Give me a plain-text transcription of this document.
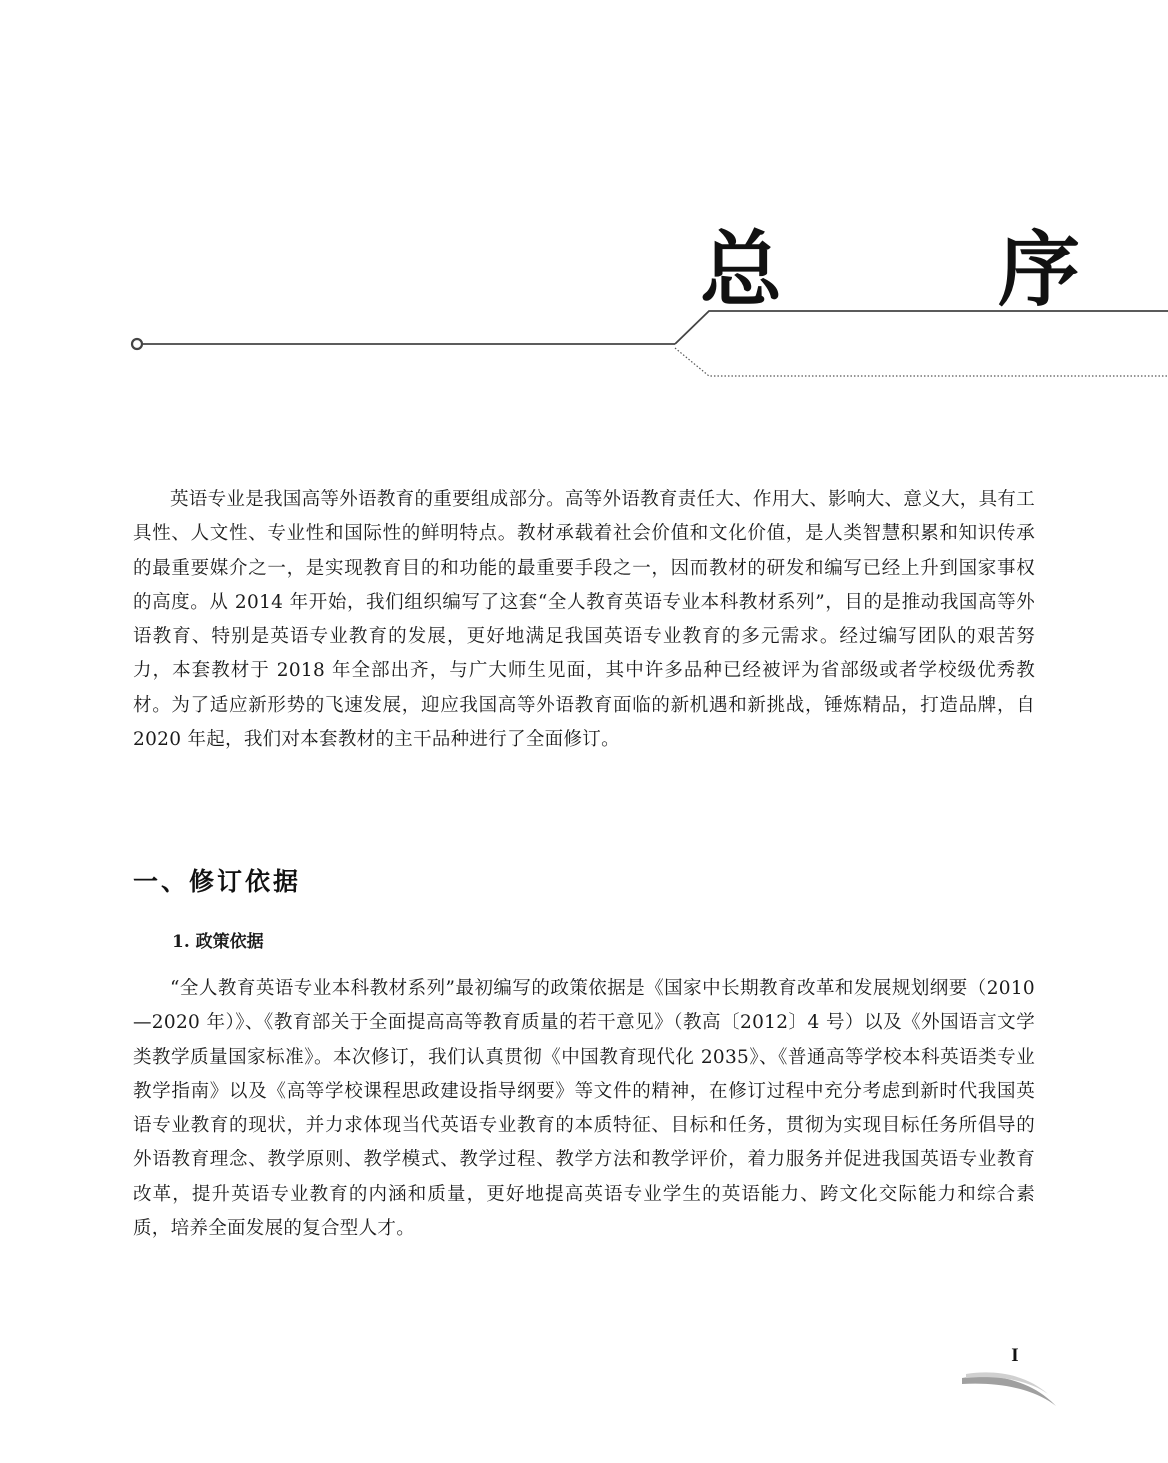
总　序

英语专业是我国高等外语教育的重要组成部分。高等外语教育责任大、作用大、影响大、意义大，具有工具性、人文性、专业性和国际性的鲜明特点。教材承载着社会价值和文化价值，是人类智慧积累和知识传承的最重要媒介之一，是实现教育目的和功能的最重要手段之一，因而教材的研发和编写已经上升到国家事权的高度。从 2014 年开始，我们组织编写了这套“全人教育英语专业本科教材系列”，目的是推动我国高等外语教育、特别是英语专业教育的发展，更好地满足我国英语专业教育的多元需求。经过编写团队的艰苦努力，本套教材于 2018 年全部出齐，与广大师生见面，其中许多品种已经被评为省部级或者学校级优秀教材。为了适应新形势的飞速发展，迎应我国高等外语教育面临的新机遇和新挑战，锤炼精品，打造品牌，自 2020 年起，我们对本套教材的主干品种进行了全面修订。

一、修订依据
1. 政策依据

“全人教育英语专业本科教材系列”最初编写的政策依据是《国家中长期教育改革和发展规划纲要（2010—2020 年）》、《教育部关于全面提高高等教育质量的若干意见》（教高〔2012〕4 号）以及《外国语言文学类教学质量国家标准》。本次修订，我们认真贯彻《中国教育现代化 2035》、《普通高等学校本科英语类专业教学指南》以及《高等学校课程思政建设指导纲要》等文件的精神，在修订过程中充分考虑到新时代我国英语专业教育的现状，并力求体现当代英语专业教育的本质特征、目标和任务，贯彻为实现目标任务所倡导的外语教育理念、教学原则、教学模式、教学过程、教学方法和教学评价，着力服务并促进我国英语专业教育改革，提升英语专业教育的内涵和质量，更好地提高英语专业学生的英语能力、跨文化交际能力和综合素质，培养全面发展的复合型人才。

I
